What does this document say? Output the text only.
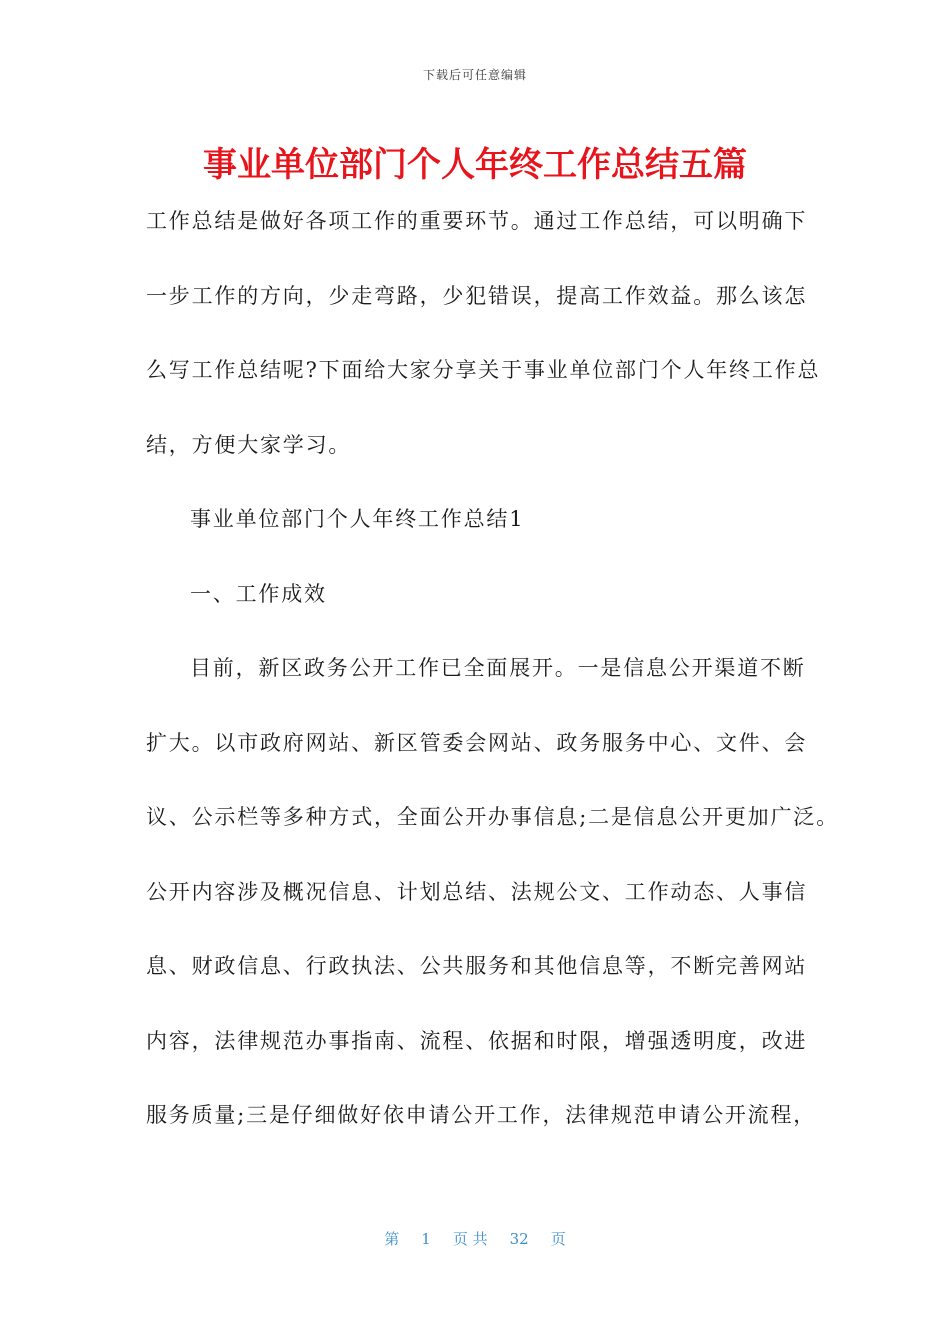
下载后可任意编辑
事业单位部门个人年终工作总结五篇
工作总结是做好各项工作的重要环节。通过工作总结，可以明确下
一步工作的方向，少走弯路，少犯错误，提高工作效益。那么该怎
么写工作总结呢?下面给大家分享关于事业单位部门个人年终工作总
结，方便大家学习。
事业单位部门个人年终工作总结1
一、工作成效
目前，新区政务公开工作已全面展开。一是信息公开渠道不断
扩大。以市政府网站、新区管委会网站、政务服务中心、文件、会
议、公示栏等多种方式，全面公开办事信息;二是信息公开更加广泛。
公开内容涉及概况信息、计划总结、法规公文、工作动态、人事信
息、财政信息、行政执法、公共服务和其他信息等，不断完善网站
内容，法律规范办事指南、流程、依据和时限，增强透明度，改进
服务质量;三是仔细做好依申请公开工作，法律规范申请公开流程，
第 1 页 共 32 页
